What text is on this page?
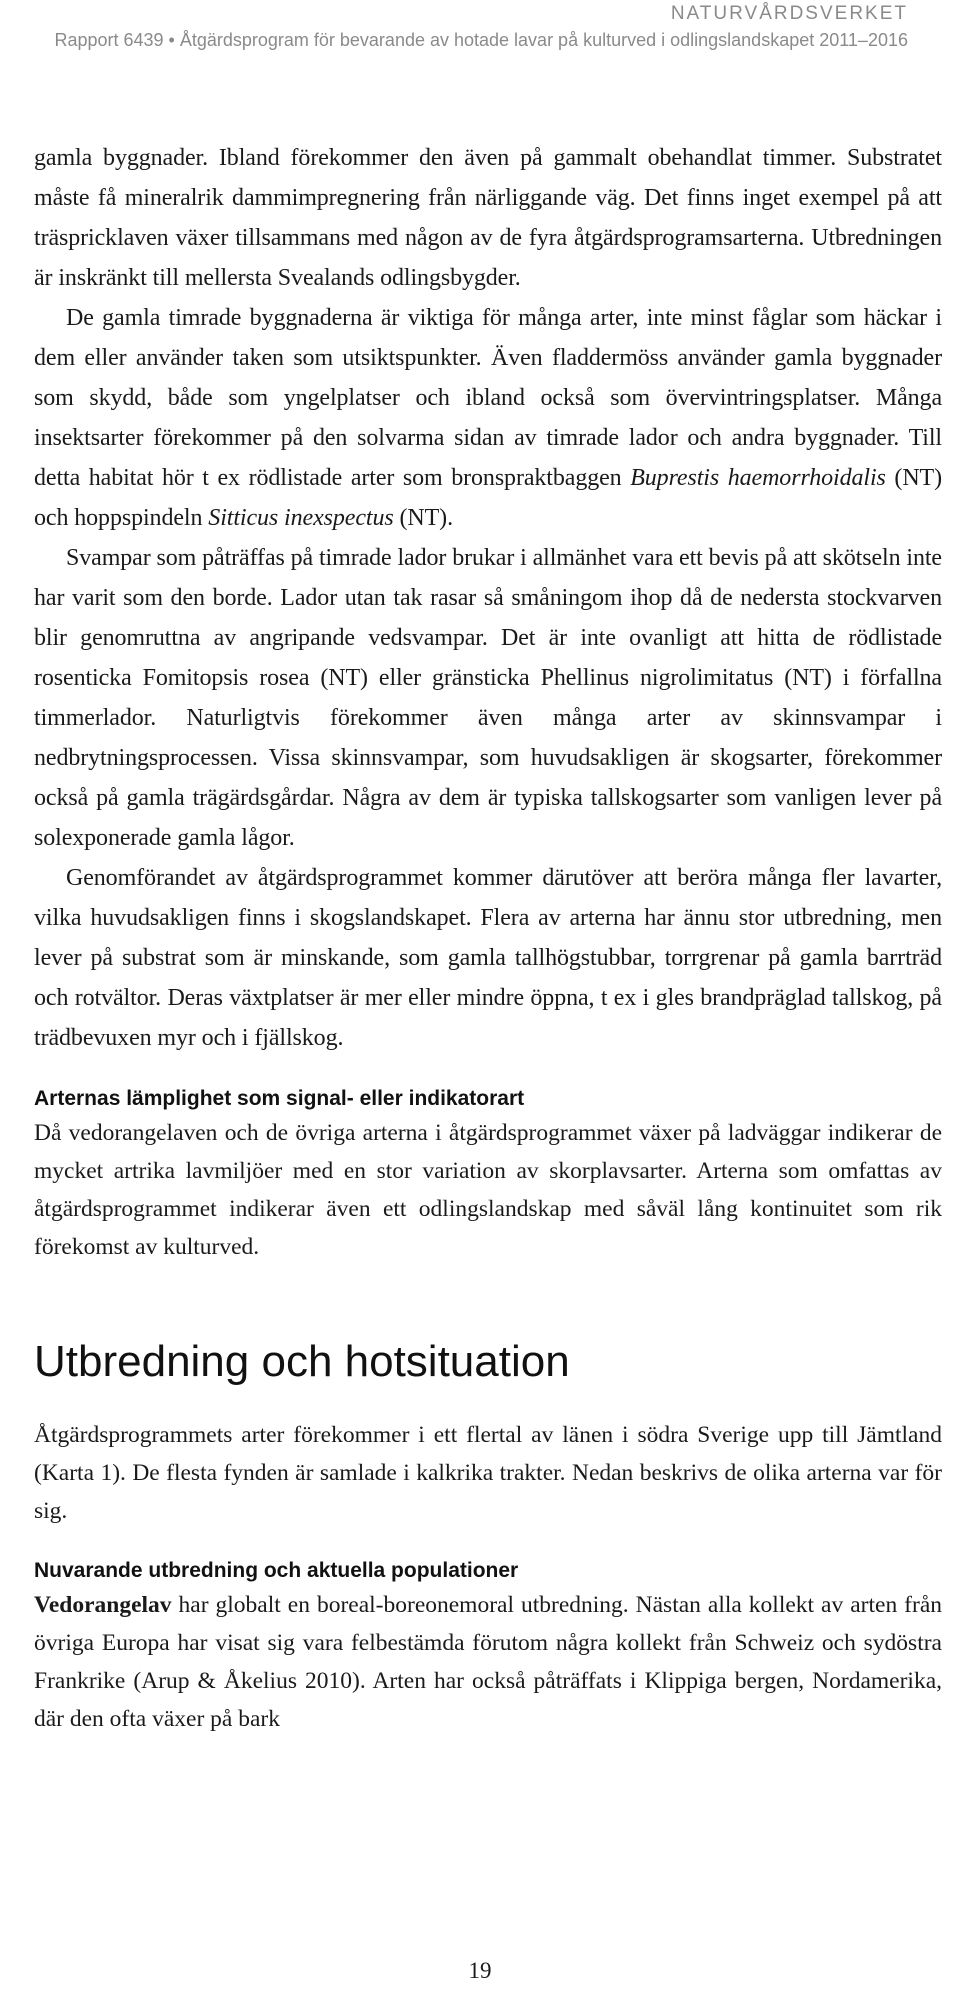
NATURVÅRDSVERKET
Rapport 6439 • Åtgärdsprogram för bevarande av hotade lavar på kulturved i odlingslandskapet 2011–2016

gamla byggnader. Ibland förekommer den även på gammalt obehandlat timmer. Substratet måste få mineralrik dammimpregnering från närliggande väg. Det finns inget exempel på att träspricklaven växer tillsammans med någon av de fyra åtgärdsprogramsarterna. Utbredningen är inskränkt till mellersta Svealands odlingsbygder.

De gamla timrade byggnaderna är viktiga för många arter, inte minst fåglar som häckar i dem eller använder taken som utsiktspunkter. Även fladdermöss använder gamla byggnader som skydd, både som yngelplatser och ibland också som övervintringsplatser. Många insektsarter förekommer på den solvarma sidan av timrade lador och andra byggnader. Till detta habitat hör t ex rödlistade arter som bronspraktbaggen Buprestis haemorrhoidalis (NT) och hoppspindeln Sitticus inexspectus (NT).

Svampar som påträffas på timrade lador brukar i allmänhet vara ett bevis på att skötseln inte har varit som den borde. Lador utan tak rasar så småningom ihop då de nedersta stockvarven blir genomruttna av angripande vedsvampar. Det är inte ovanligt att hitta de rödlistade rosenticka Fomitopsis rosea (NT) eller gränsticka Phellinus nigrolimitatus (NT) i förfallna timmerlador. Naturligtvis förekommer även många arter av skinnsvampar i nedbrytningsprocessen. Vissa skinnsvampar, som huvudsakligen är skogsarter, förekommer också på gamla trägärdsgårdar. Några av dem är typiska tallskogsarter som vanligen lever på solexponerade gamla lågor.

Genomförandet av åtgärdsprogrammet kommer därutöver att beröra många fler lavarter, vilka huvudsakligen finns i skogslandskapet. Flera av arterna har ännu stor utbredning, men lever på substrat som är minskande, som gamla tallhögstubbar, torrgrenar på gamla barrträd och rotvältor. Deras växtplatser är mer eller mindre öppna, t ex i gles brandpräglad tallskog, på trädbevuxen myr och i fjällskog.

Arternas lämplighet som signal- eller indikatorart

Då vedorangelaven och de övriga arterna i åtgärdsprogrammet växer på ladväggar indikerar de mycket artrika lavmiljöer med en stor variation av skorplavsarter. Arterna som omfattas av åtgärdsprogrammet indikerar även ett odlingslandskap med såväl lång kontinuitet som rik förekomst av kulturved.

Utbredning och hotsituation

Åtgärdsprogrammets arter förekommer i ett flertal av länen i södra Sverige upp till Jämtland (Karta 1). De flesta fynden är samlade i kalkrika trakter. Nedan beskrivs de olika arterna var för sig.

Nuvarande utbredning och aktuella populationer

Vedorangelav har globalt en boreal-boreonemoral utbredning. Nästan alla kollekt av arten från övriga Europa har visat sig vara felbestämda förutom några kollekt från Schweiz och sydöstra Frankrike (Arup & Åkelius 2010). Arten har också påträffats i Klippiga bergen, Nordamerika, där den ofta växer på bark

19
